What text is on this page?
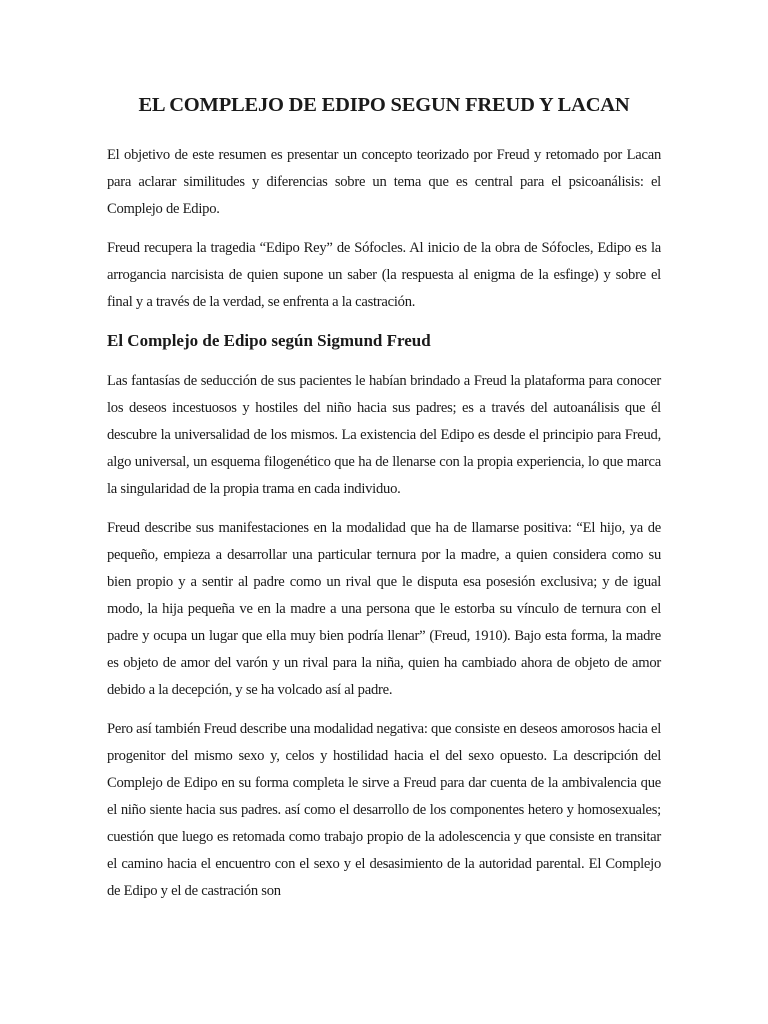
EL COMPLEJO DE EDIPO SEGUN FREUD Y LACAN

El objetivo de este resumen es presentar un concepto teorizado por Freud y retomado por Lacan para aclarar similitudes y diferencias sobre un tema que es central para el psicoanálisis: el Complejo de Edipo.

Freud recupera la tragedia “Edipo Rey” de Sófocles. Al inicio de la obra de Sófocles, Edipo es la arrogancia narcisista de quien supone un saber (la respuesta al enigma de la esfinge) y sobre el final y a través de la verdad, se enfrenta a la castración.

El Complejo de Edipo según Sigmund Freud

Las fantasías de seducción de sus pacientes le habían brindado a Freud la plataforma para conocer los deseos incestuosos y hostiles del niño hacia sus padres; es a través del autoanálisis que él descubre la universalidad de los mismos. La existencia del Edipo es desde el principio para Freud, algo universal, un esquema filogenético que ha de llenarse con la propia experiencia, lo que marca la singularidad de la propia trama en cada individuo.

Freud describe sus manifestaciones en la modalidad que ha de llamarse positiva: “El hijo, ya de pequeño, empieza a desarrollar una particular ternura por la madre, a quien considera como su bien propio y a sentir al padre como un rival que le disputa esa posesión exclusiva; y de igual modo, la hija pequeña ve en la madre a una persona que le estorba su vínculo de ternura con el padre y ocupa un lugar que ella muy bien podría llenar” (Freud, 1910). Bajo esta forma, la madre es objeto de amor del varón y un rival para la niña, quien ha cambiado ahora de objeto de amor debido a la decepción, y se ha volcado así al padre.

Pero así también Freud describe una modalidad negativa: que consiste en deseos amorosos hacia el progenitor del mismo sexo y, celos y hostilidad hacia el del sexo opuesto. La descripción del Complejo de Edipo en su forma completa le sirve a Freud para dar cuenta de la ambivalencia que el niño siente hacia sus padres. así como el desarrollo de los componentes hetero y homosexuales; cuestión que luego es retomada como trabajo propio de la adolescencia y que consiste en transitar el camino hacia el encuentro con el sexo y el desasimiento de la autoridad parental. El Complejo de Edipo y el de castración son
